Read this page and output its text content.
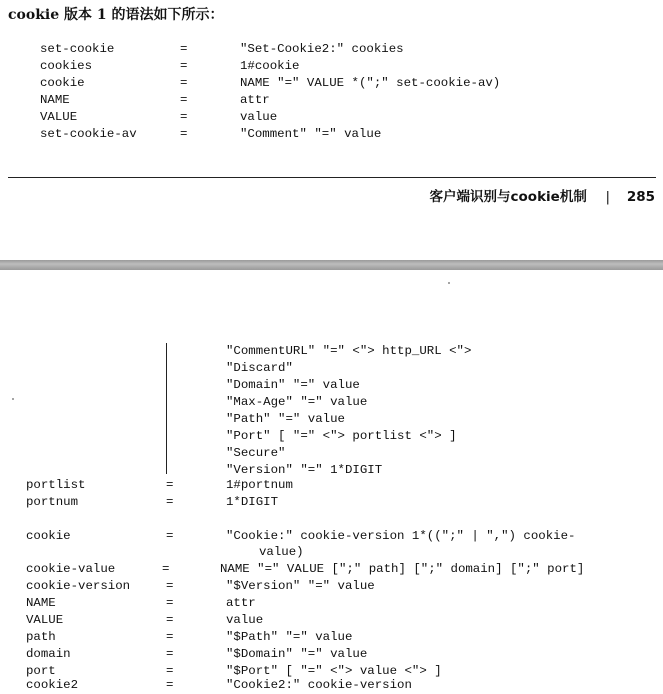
cookie 版本 1 的语法如下所示：
set-cookie	=	"Set-Cookie2:" cookies
cookies	=	1#cookie
cookie	=	NAME "=" VALUE *(";" set-cookie-av)
NAME	=	attr
VALUE	=	value
set-cookie-av	=	"Comment" "=" value
客户端识别与cookie机制 | 285
"CommentURL" "=" <"> http_URL <">
"Discard"
"Domain" "=" value
"Max-Age" "=" value
"Path" "=" value
"Port" [ "=" <"> portlist <"> ]
"Secure"
"Version" "=" 1*DIGIT
portlist	=	1#portnum
portnum	=	1*DIGIT
cookie	=	"Cookie:" cookie-version 1*((";" | ",") cookie-
value)
cookie-value	=	NAME "=" VALUE [";" path] [";" domain] [";" port]
cookie-version	=	"$Version" "=" value
NAME	=	attr
VALUE	=	value
path	=	"$Path" "=" value
domain	=	"$Domain" "=" value
port	=	"$Port" [ "=" <"> value <"> ]
cookie2	=	"Cookie2:" cookie-version
